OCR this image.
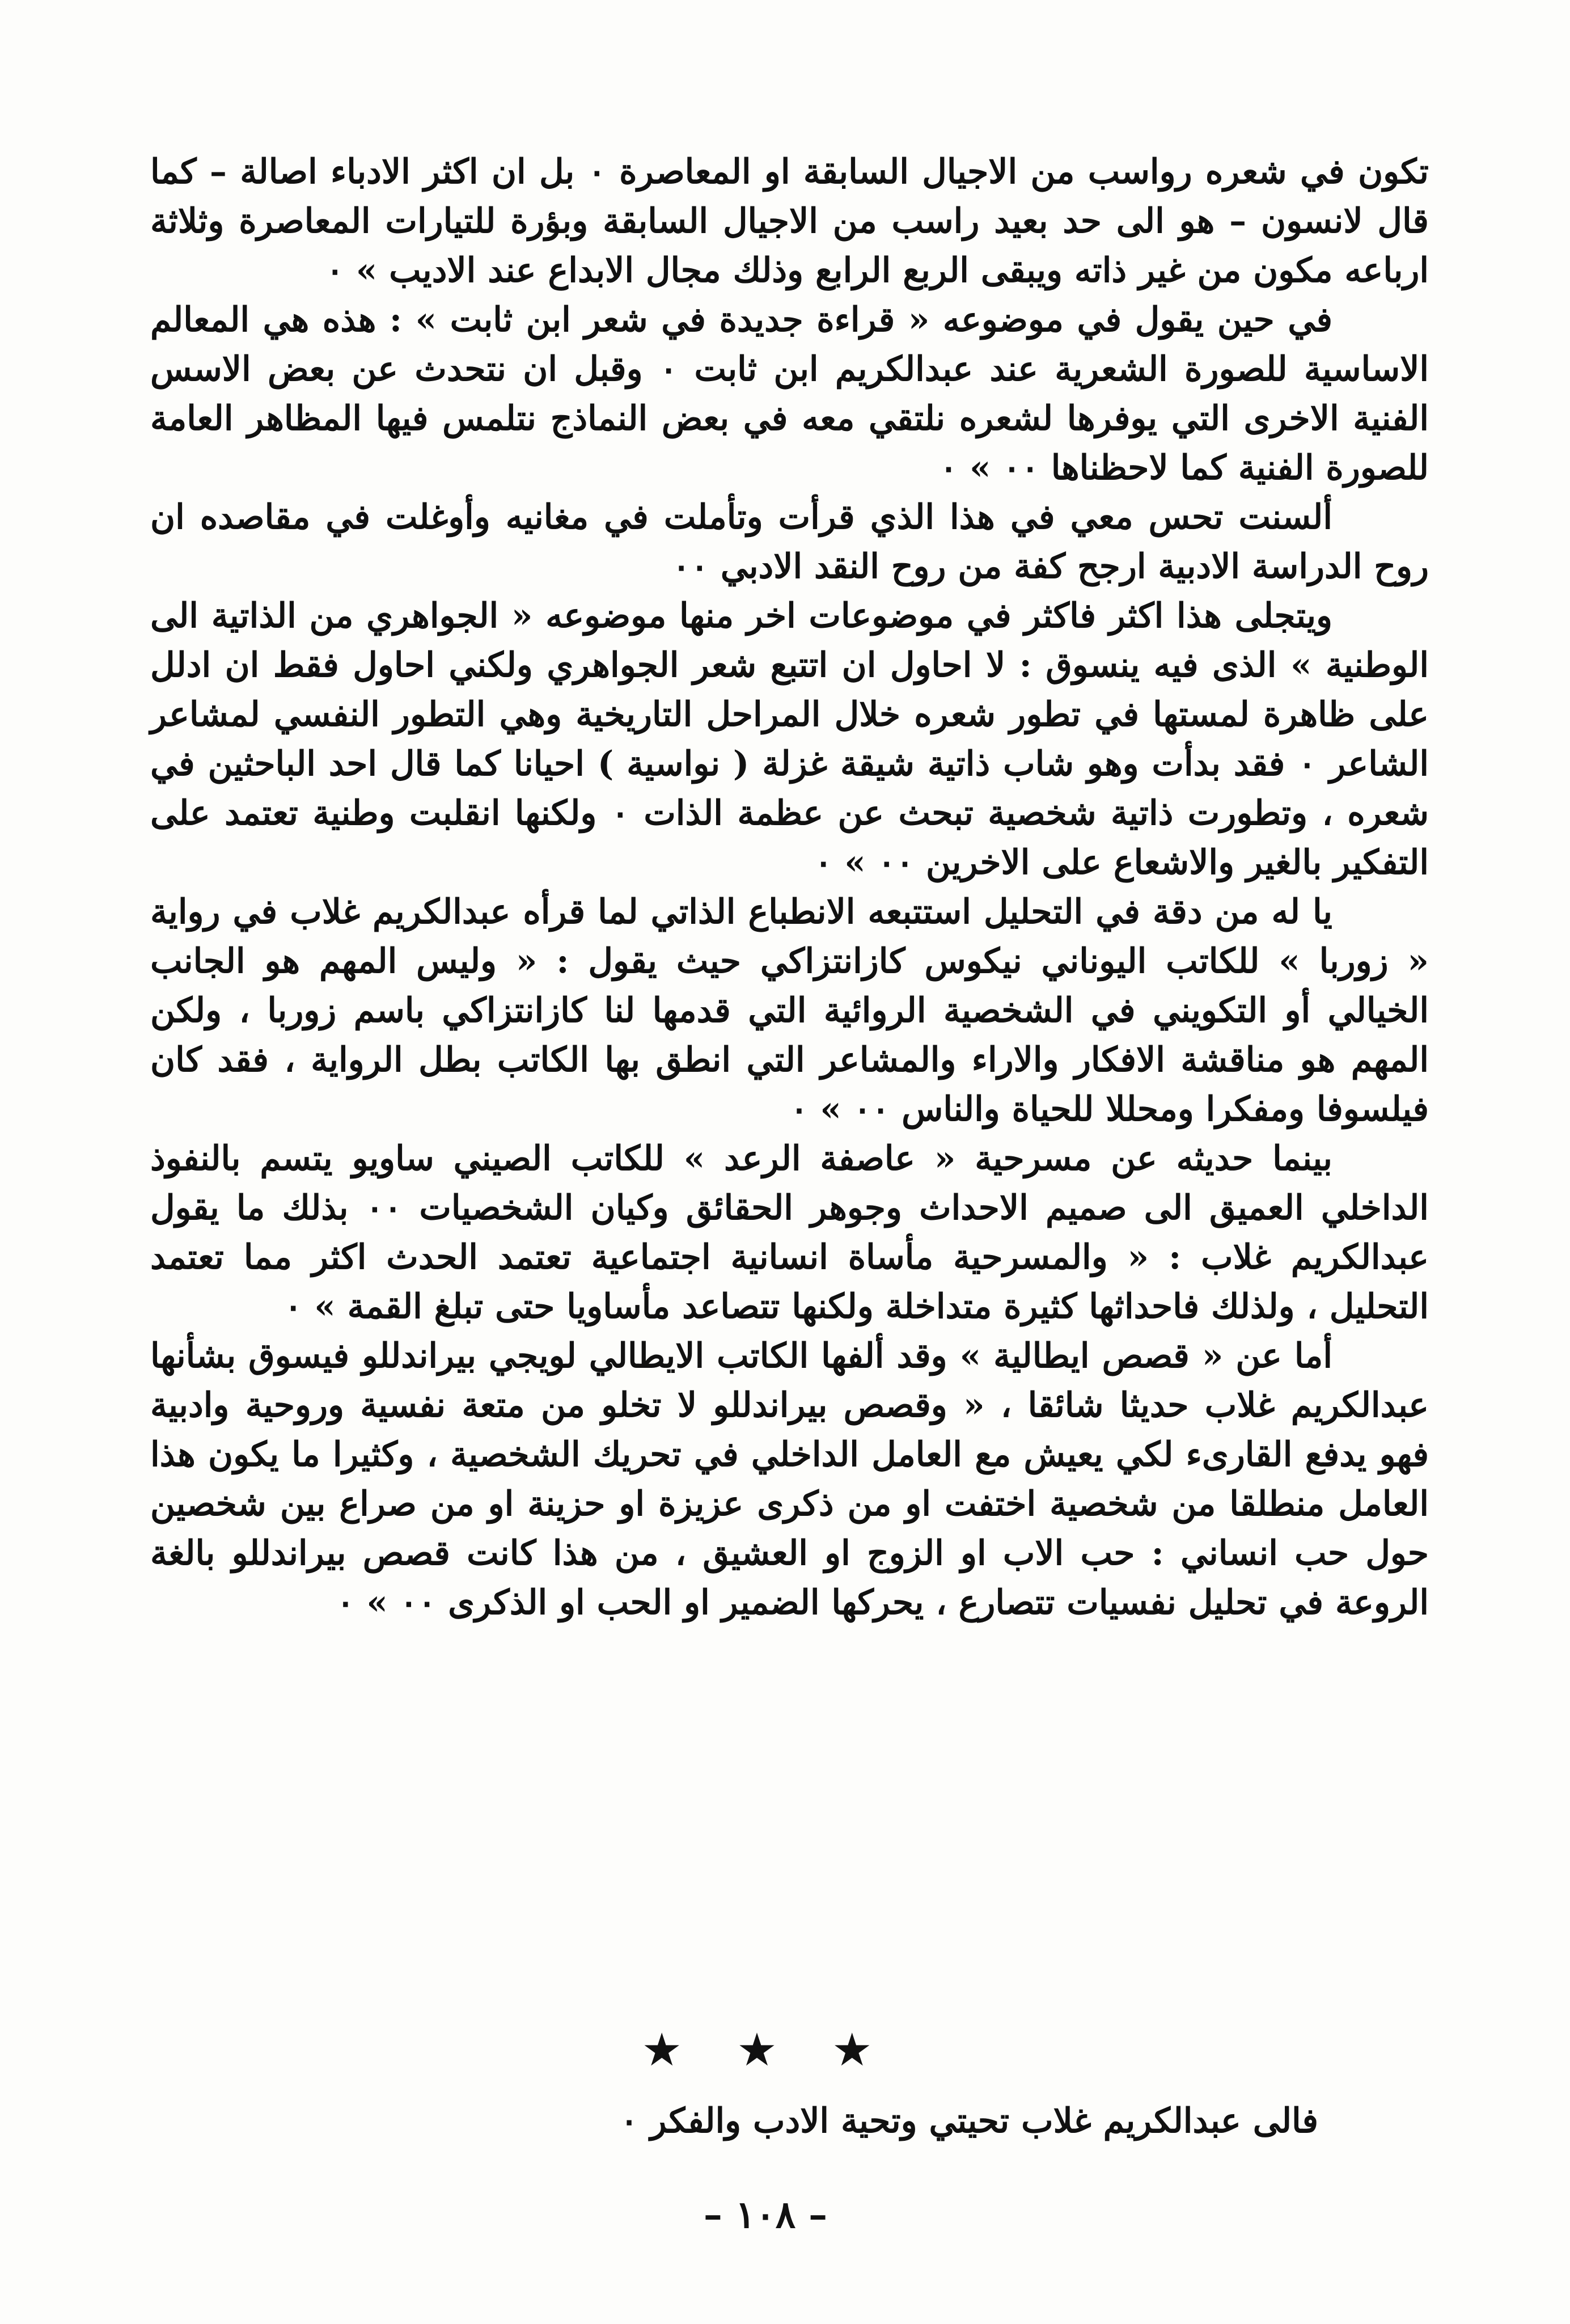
تكون في شعره رواسب من الاجيال السابقة او المعاصرة ٠ بل ان اكثر الادباء اصالة – كما قال لانسون – هو الى حد بعيد راسب من الاجيال السابقة وبؤرة للتيارات المعاصرة وثلاثة ارباعه مكون من غير ذاته ويبقى الربع الرابع وذلك مجال الابداع عند الاديب » ٠

في حين يقول في موضوعه « قراءة جديدة في شعر ابن ثابت » : هذه هي المعالم الاساسية للصورة الشعرية عند عبدالكريم ابن ثابت ٠ وقبل ان نتحدث عن بعض الاسس الفنية الاخرى التي يوفرها لشعره نلتقي معه في بعض النماذج نتلمس فيها المظاهر العامة للصورة الفنية كما لاحظناها ٠٠ » ٠

ألسنت تحس معي في هذا الذي قرأت وتأملت في مغانيه وأوغلت في مقاصده ان روح الدراسة الادبية ارجح كفة من روح النقد الادبي ٠٠

ويتجلى هذا اكثر فاكثر في موضوعات اخر منها موضوعه « الجواهري من الذاتية الى الوطنية » الذى فيه ينسوق : لا احاول ان اتتبع شعر الجواهري ولكني احاول فقط ان ادلل على ظاهرة لمستها في تطور شعره خلال المراحل التاريخية وهي التطور النفسي لمشاعر الشاعر ٠ فقد بدأت وهو شاب ذاتية شيقة غزلة ( نواسية ) احيانا كما قال احد الباحثين في شعره ، وتطورت ذاتية شخصية تبحث عن عظمة الذات ٠ ولكنها انقلبت وطنية تعتمد على التفكير بالغير والاشعاع على الاخرين ٠٠ » ٠

يا له من دقة في التحليل استتبعه الانطباع الذاتي لما قرأه عبدالكريم غلاب في رواية « زوربا » للكاتب اليوناني نيكوس كازانتزاكي حيث يقول : « وليس المهم هو الجانب الخيالي أو التكويني في الشخصية الروائية التي قدمها لنا كازانتزاكي باسم زوربا ، ولكن المهم هو مناقشة الافكار والاراء والمشاعر التي انطق بها الكاتب بطل الرواية ، فقد كان فيلسوفا ومفكرا ومحللا للحياة والناس ٠٠ » ٠

بينما حديثه عن مسرحية « عاصفة الرعد » للكاتب الصيني ساويو يتسم بالنفوذ الداخلي العميق الى صميم الاحداث وجوهر الحقائق وكيان الشخصيات ٠٠ بذلك ما يقول عبدالكريم غلاب : « والمسرحية مأساة انسانية اجتماعية تعتمد الحدث اكثر مما تعتمد التحليل ، ولذلك فاحداثها كثيرة متداخلة ولكنها تتصاعد مأساويا حتى تبلغ القمة » ٠

أما عن « قصص ايطالية » وقد ألفها الكاتب الايطالي لويجي بيراندللو فيسوق بشأنها عبدالكريم غلاب حديثا شائقا ، « وقصص بيراندللو لا تخلو من متعة نفسية وروحية وادبية فهو يدفع القارىء لكي يعيش مع العامل الداخلي في تحريك الشخصية ، وكثيرا ما يكون هذا العامل منطلقا من شخصية اختفت او من ذكرى عزيزة او حزينة او من صراع بين شخصين حول حب انساني : حب الاب او الزوج او العشيق ، من هذا كانت قصص بيراندللو بالغة الروعة في تحليل نفسيات تتصارع ، يحركها الضمير او الحب او الذكرى ٠٠ » ٠

★ ★ ★
فالى عبدالكريم غلاب تحيتي وتحية الادب والفكر ٠
– ١٠٨ –
